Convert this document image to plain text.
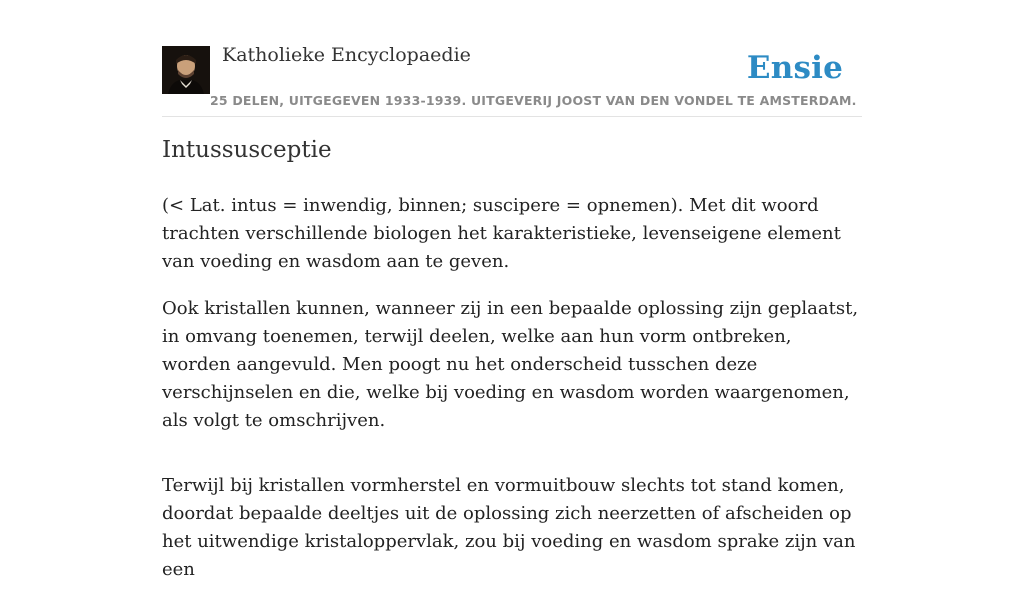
Katholieke Encyclopaedie	Ensie
25 DELEN, UITGEGEVEN 1933-1939. UITGEVERIJ JOOST VAN DEN VONDEL TE AMSTERDAM.
Intussusceptie

(< Lat. intus = inwendig, binnen; suscipere = opnemen). Met dit woord trachten verschillende biologen het karakteristieke, levenseigene element van voeding en wasdom aan te geven.

Ook kristallen kunnen, wanneer zij in een bepaalde oplossing zijn geplaatst, in omvang toenemen, terwijl deelen, welke aan hun vorm ontbreken, worden aangevuld. Men poogt nu het onderscheid tusschen deze verschijnselen en die, welke bij voeding en wasdom worden waargenomen, als volgt te omschrijven.

Terwijl bij kristallen vormherstel en vormuitbouw slechts tot stand komen, doordat bepaalde deeltjes uit de oplossing zich neerzetten of afscheiden op het uitwendige kristaloppervlak, zou bij voeding en wasdom sprake zijn van een
